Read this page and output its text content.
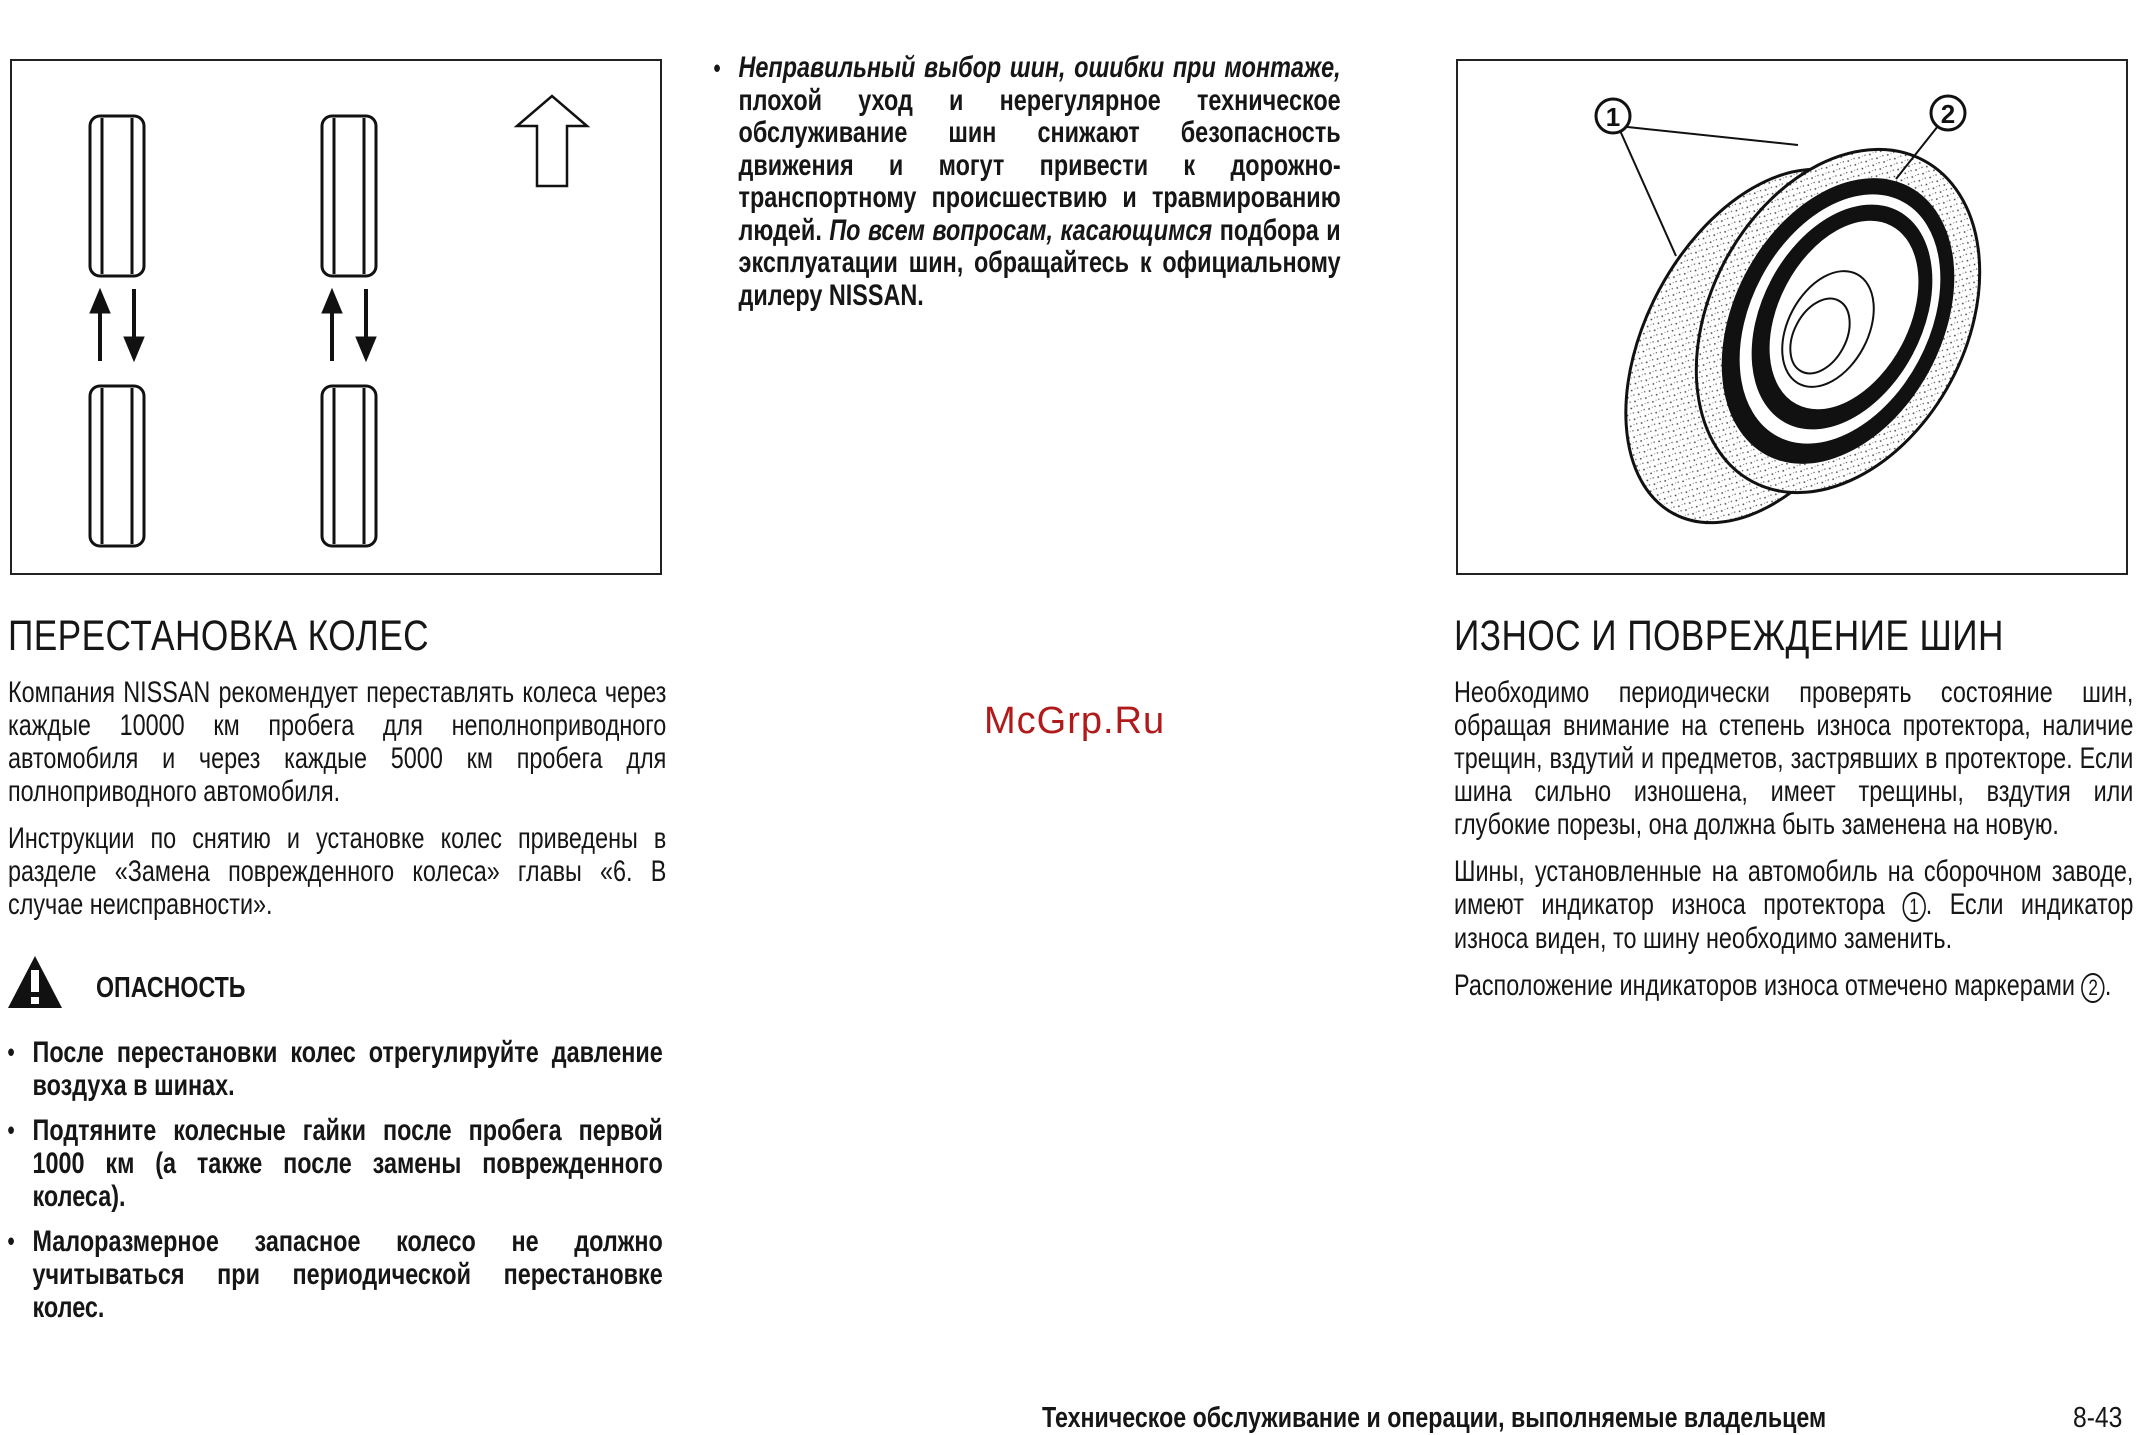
ПЕРЕСТАНОВКА КОЛЕС

Компания NISSAN рекомендует переставлять колеса через каждые 10000 км пробега для неполноприводного автомобиля и через каждые 5000 км пробега для полноприводного автомобиля.

Инструкции по снятию и установке колес приведены в разделе «Замена поврежденного колеса» главы «6. В случае неисправности».

ОПАСНОСТЬ
• После перестановки колес отрегулируйте давление воздуха в шинах.
• Подтяните колесные гайки после пробега первой 1000 км (а также после замены поврежденного колеса).
• Малоразмерное запасное колесо не должно учитываться при периодической перестановке колес.
• Неправильный выбор шин, ошибки при монтаже, плохой уход и нерегулярное техническое обслуживание шин снижают безопасность движения и могут привести к дорожно-транспортному происшествию и травмированию людей. По всем вопросам, касающимся подбора и эксплуатации шин, обращайтесь к официальному дилеру NISSAN.
McGrp.Ru
1	2
ИЗНОС И ПОВРЕЖДЕНИЕ ШИН

Необходимо периодически проверять состояние шин, обращая внимание на степень износа протектора, наличие трещин, вздутий и предметов, застрявших в протекторе. Если шина сильно изношена, имеет трещины, вздутия или глубокие порезы, она должна быть заменена на новую.

Шины, установленные на автомобиль на сборочном заводе, имеют индикатор износа протектора 1 . Если индикатор износа виден, то шину необходимо заменить.

Расположение индикаторов износа отмечено маркерами 2 .

Техническое обслуживание и операции, выполняемые владельцем	8-43
